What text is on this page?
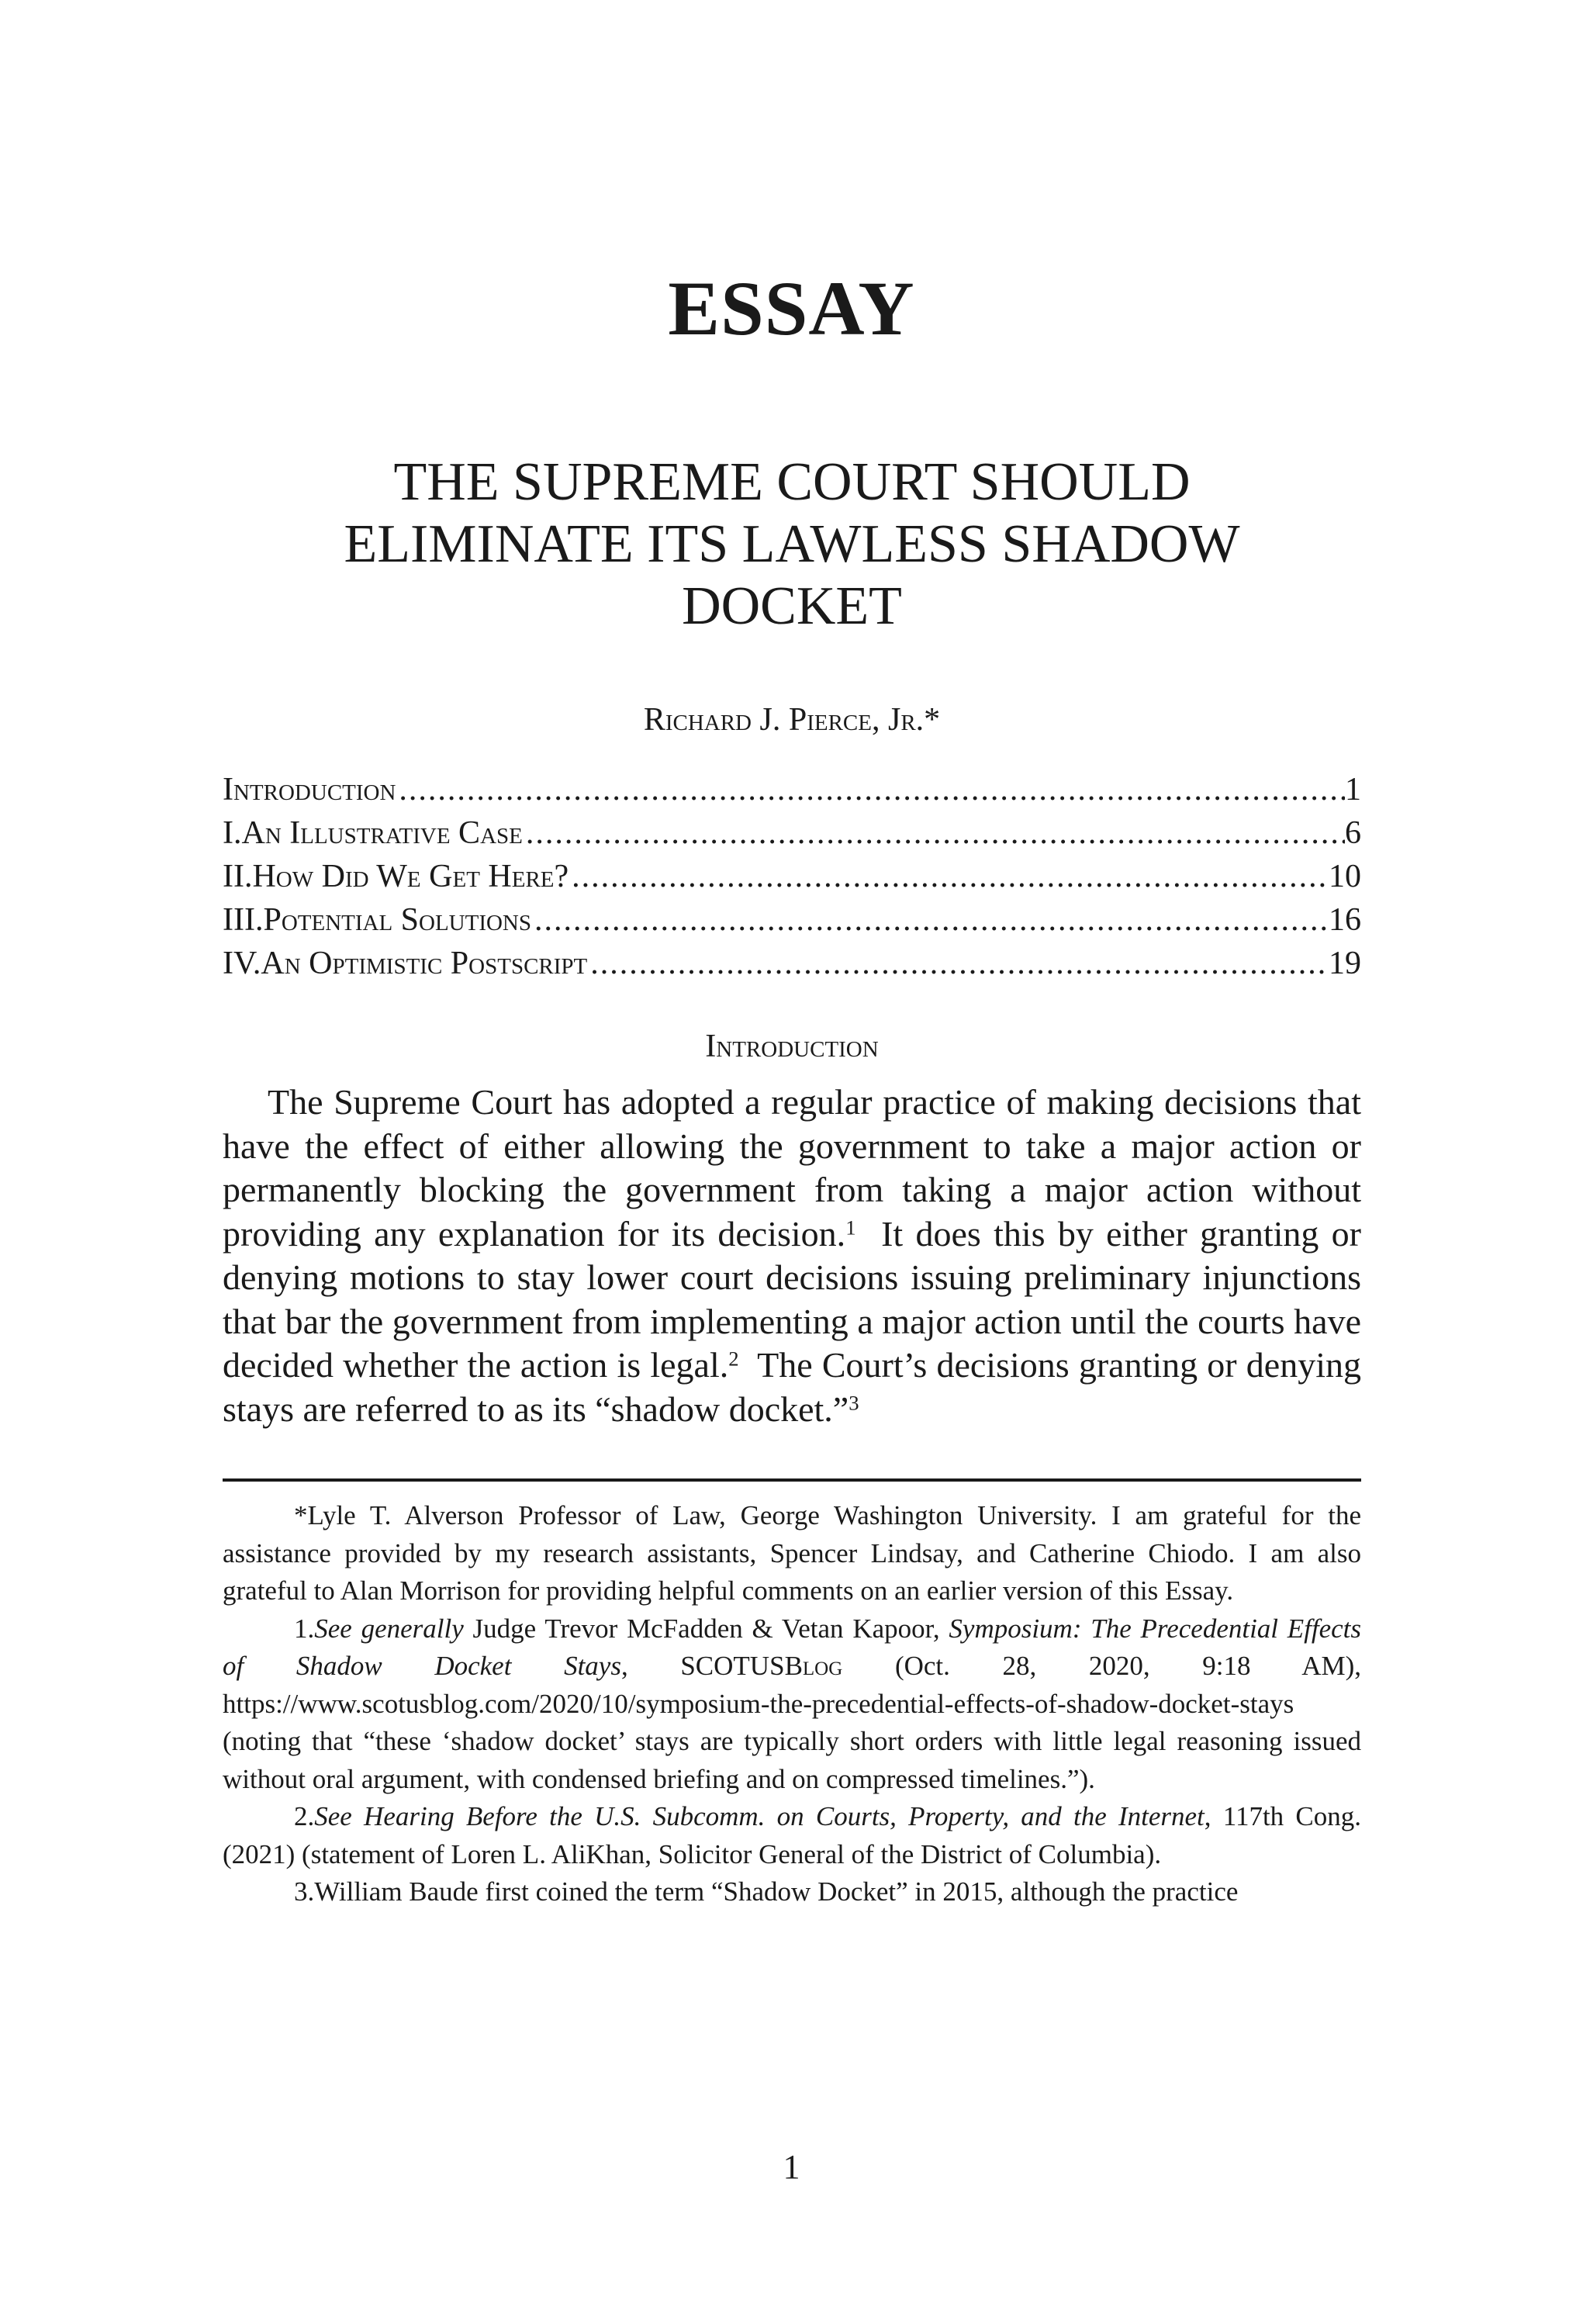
ESSAY
THE SUPREME COURT SHOULD
ELIMINATE ITS LAWLESS SHADOW
DOCKET
Richard J. Pierce, Jr.*
Introduction .....	1
I.An Illustrative Case .....	6
II.How Did We Get Here? .....	10
III.Potential Solutions .....	16
IV.An Optimistic Postscript .....	19
Introduction

The Supreme Court has adopted a regular practice of making decisions that have the effect of either allowing the government to take a major action or permanently blocking the government from taking a major action without providing any explanation for its decision.$^1$ It does this by either granting or denying motions to stay lower court decisions issuing preliminary injunctions that bar the government from implementing a major action until the courts have decided whether the action is legal.$^2$ The Court’s decisions granting or denying stays are referred to as its “shadow docket.”$^3$

*Lyle T. Alverson Professor of Law, George Washington University. I am grateful for the assistance provided by my research assistants, Spencer Lindsay, and Catherine Chiodo. I am also grateful to Alan Morrison for providing helpful comments on an earlier version of this Essay.

1.See generally Judge Trevor McFadden & Vetan Kapoor, Symposium: The Precedential Effects of Shadow Docket Stays, SCOTUSBlog (Oct. 28, 2020, 9:18 AM), https://www.scotusblog.com/2020/10/symposium-the-precedential-effects-of-shadow-docket-stays (noting that “these ‘shadow docket’ stays are typically short orders with little legal reasoning issued without oral argument, with condensed briefing and on compressed timelines.”).

2.See Hearing Before the U.S. Subcomm. on Courts, Property, and the Internet, 117th Cong. (2021) (statement of Loren L. AliKhan, Solicitor General of the District of Columbia).

3.William Baude first coined the term “Shadow Docket” in 2015, although the practice

1
